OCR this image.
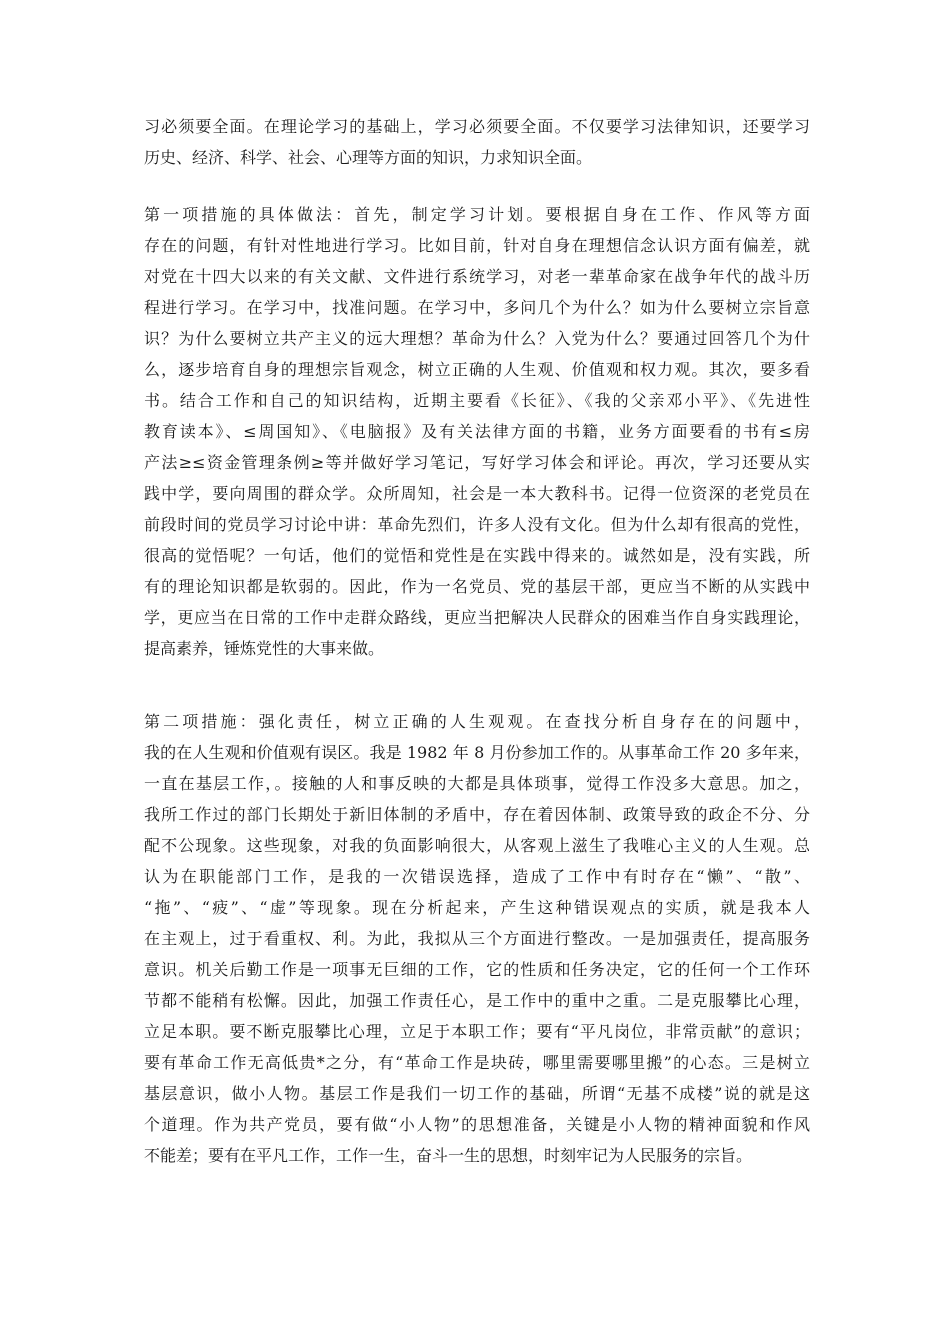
习必须要全面。在理论学习的基础上，学习必须要全面。不仅要学习法律知识，还要学习
历史、经济、科学、社会、心理等方面的知识，力求知识全面。
第一项措施的具体做法：首先，制定学习计划。要根据自身在工作、作风等方面
存在的问题，有针对性地进行学习。比如目前，针对自身在理想信念认识方面有偏差，就
对党在十四大以来的有关文献、文件进行系统学习，对老一辈革命家在战争年代的战斗历
程进行学习。在学习中，找准问题。在学习中，多问几个为什么？如为什么要树立宗旨意
识？为什么要树立共产主义的远大理想？革命为什么？入党为什么？要通过回答几个为什
么，逐步培育自身的理想宗旨观念，树立正确的人生观、价值观和权力观。其次，要多看
书。结合工作和自己的知识结构，近期主要看《长征》、《我的父亲邓小平》、《先进性
教育读本》、≤周国知》、《电脑报》及有关法律方面的书籍，业务方面要看的书有≤房
产法≥≤资金管理条例≥等并做好学习笔记，写好学习体会和评论。再次，学习还要从实
践中学，要向周围的群众学。众所周知，社会是一本大教科书。记得一位资深的老党员在
前段时间的党员学习讨论中讲：革命先烈们，许多人没有文化。但为什么却有很高的党性，
很高的觉悟呢？一句话，他们的觉悟和党性是在实践中得来的。诚然如是，没有实践，所
有的理论知识都是软弱的。因此，作为一名党员、党的基层干部，更应当不断的从实践中
学，更应当在日常的工作中走群众路线，更应当把解决人民群众的困难当作自身实践理论，
提高素养，锤炼党性的大事来做。
第二项措施：强化责任，树立正确的人生观观。在查找分析自身存在的问题中，
我的在人生观和价值观有误区。我是 1982 年 8 月份参加工作的。从事革命工作 20 多年来，
一直在基层工作，。接触的人和事反映的大都是具体琐事，觉得工作没多大意思。加之，
我所工作过的部门长期处于新旧体制的矛盾中，存在着因体制、政策导致的政企不分、分
配不公现象。这些现象，对我的负面影响很大，从客观上滋生了我唯心主义的人生观。总
认为在职能部门工作，是我的一次错误选择，造成了工作中有时存在“懒”、“散”、
“拖”、“疲”、“虚”等现象。现在分析起来，产生这种错误观点的实质，就是我本人
在主观上，过于看重权、利。为此，我拟从三个方面进行整改。一是加强责任，提高服务
意识。机关后勤工作是一项事无巨细的工作，它的性质和任务决定，它的任何一个工作环
节都不能稍有松懈。因此，加强工作责任心，是工作中的重中之重。二是克服攀比心理，
立足本职。要不断克服攀比心理，立足于本职工作；要有“平凡岗位，非常贡献”的意识；
要有革命工作无高低贵*之分，有“革命工作是块砖，哪里需要哪里搬”的心态。三是树立
基层意识，做小人物。基层工作是我们一切工作的基础，所谓“无基不成楼”说的就是这
个道理。作为共产党员，要有做“小人物”的思想准备，关键是小人物的精神面貌和作风
不能差；要有在平凡工作，工作一生，奋斗一生的思想，时刻牢记为人民服务的宗旨。
